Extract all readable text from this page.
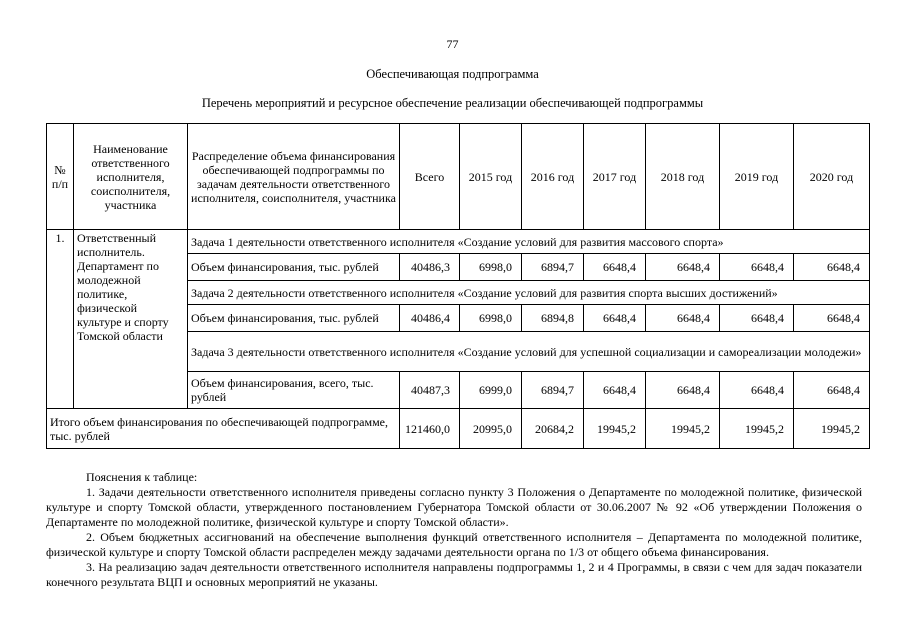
77
Обеспечивающая подпрограмма
Перечень мероприятий и ресурсное обеспечение реализации обеспечивающей подпрограммы
№ п/п	Наименование ответственного исполнителя, соисполнителя, участника	Распределение объема финансирования обеспечивающей подпрограммы по задачам деятельности ответственного исполнителя, соисполнителя, участника	Всего	2015 год	2016 год	2017 год	2018 год	2019 год	2020 год
1.	Ответственный исполнитель. Департамент по молодежной политике, физической культуре и спорту Томской области	Задача 1 деятельности ответственного исполнителя «Создание условий для развития массового спорта»							
		Объем финансирования, тыс. рублей	40486,3	6998,0	6894,7	6648,4	6648,4	6648,4	6648,4
		Задача 2 деятельности ответственного исполнителя «Создание условий для развития спорта высших достижений»							
		Объем финансирования, тыс. рублей	40486,4	6998,0	6894,8	6648,4	6648,4	6648,4	6648,4
		Задача 3 деятельности ответственного исполнителя «Создание условий для успешной социализации и самореализации молодежи»							
		Объем финансирования, всего, тыс. рублей	40487,3	6999,0	6894,7	6648,4	6648,4	6648,4	6648,4
Итого объем финансирования по обеспечивающей подпрограмме, тыс. рублей			121460,0	20995,0	20684,2	19945,2	19945,2	19945,2	19945,2

Пояснения к таблице:

1. Задачи деятельности ответственного исполнителя приведены согласно пункту 3 Положения о Департаменте по молодежной политике, физической культуре и спорту Томской области, утвержденного постановлением Губернатора Томской области от 30.06.2007 № 92 «Об утверждении Положения о Департаменте по молодежной политике, физической культуре и спорту Томской области».

2. Объем бюджетных ассигнований на обеспечение выполнения функций ответственного исполнителя – Департамента по молодежной политике, физической культуре и спорту Томской области распределен между задачами деятельности органа по 1/3 от общего объема финансирования.

3. На реализацию задач деятельности ответственного исполнителя направлены подпрограммы 1, 2 и 4 Программы, в связи с чем для задач показатели конечного результата ВЦП и основных мероприятий не указаны.
